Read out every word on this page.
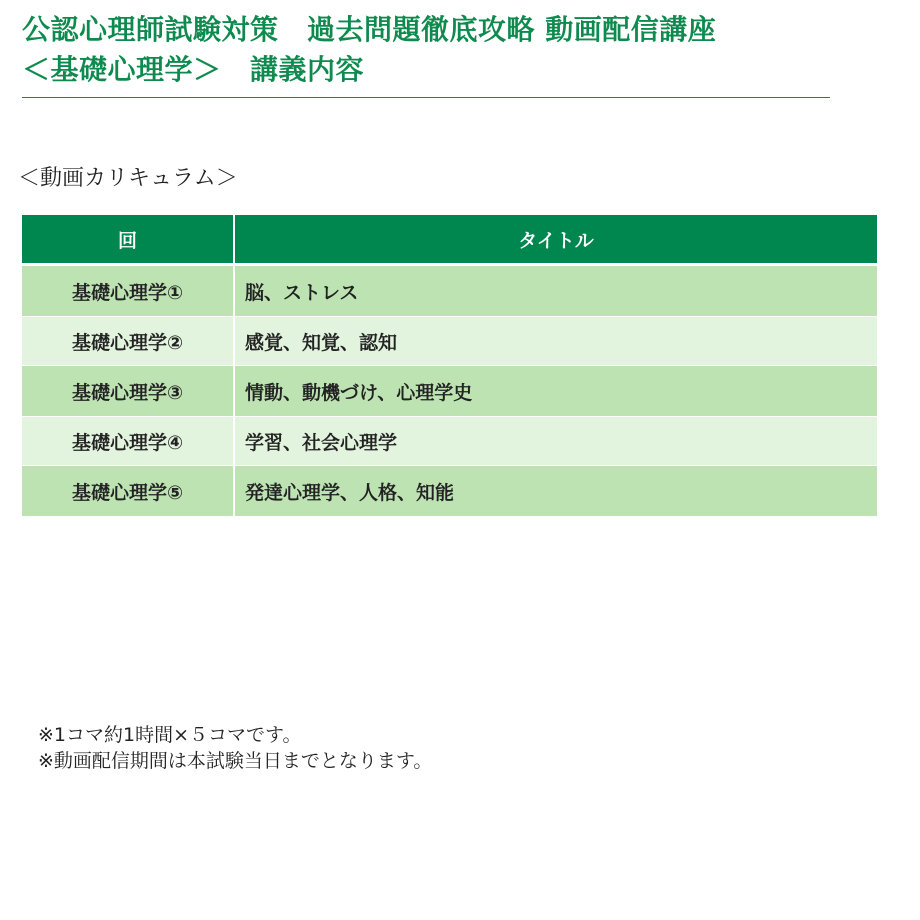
公認心理師試験対策　過去問題徹底攻略 動画配信講座
＜基礎心理学＞　講義内容
＜動画カリキュラム＞
回	タイトル
基礎心理学①	脳、ストレス
基礎心理学②	感覚、知覚、認知
基礎心理学③	情動、動機づけ、心理学史
基礎心理学④	学習、社会心理学
基礎心理学⑤	発達心理学、人格、知能
※1コマ約1時間×５コマです。
※動画配信期間は本試験当日までとなります。
